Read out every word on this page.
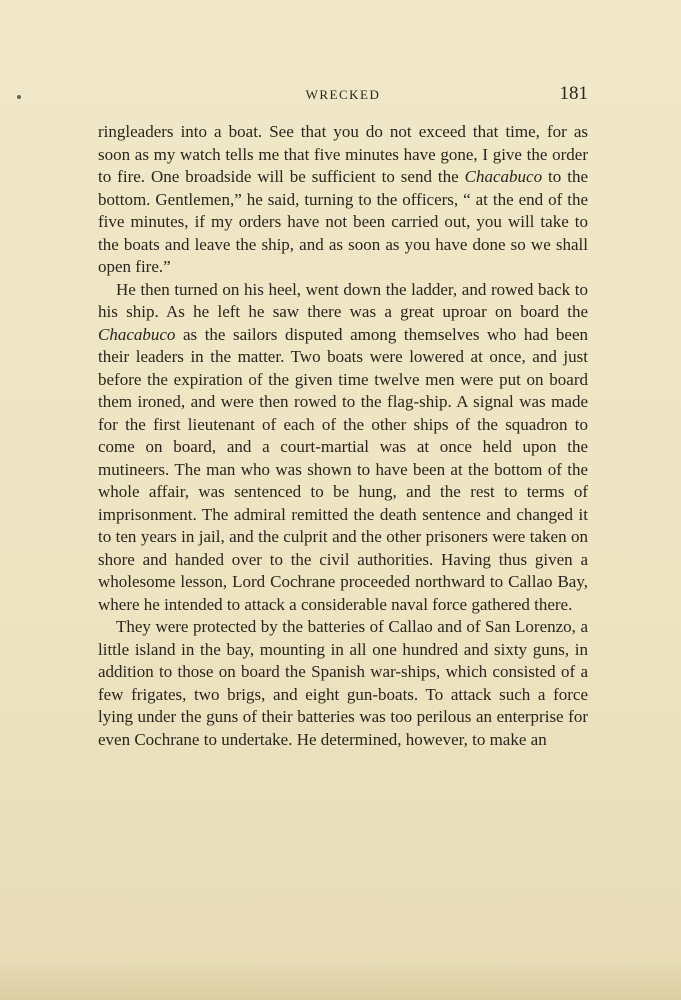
WRECKED	181

ringleaders into a boat. See that you do not exceed that time, for as soon as my watch tells me that five minutes have gone, I give the order to fire. One broadside will be sufficient to send the Chacabuco to the bottom. Gentlemen,” he said, turning to the officers, “ at the end of the five minutes, if my orders have not been carried out, you will take to the boats and leave the ship, and as soon as you have done so we shall open fire.”

He then turned on his heel, went down the ladder, and rowed back to his ship. As he left he saw there was a great uproar on board the Chacabuco as the sailors disputed among themselves who had been their leaders in the matter. Two boats were lowered at once, and just before the expiration of the given time twelve men were put on board them ironed, and were then rowed to the flag-ship. A signal was made for the first lieutenant of each of the other ships of the squadron to come on board, and a court-martial was at once held upon the mutineers. The man who was shown to have been at the bottom of the whole affair, was sentenced to be hung, and the rest to terms of imprisonment. The admiral remitted the death sentence and changed it to ten years in jail, and the culprit and the other prisoners were taken on shore and handed over to the civil authorities. Having thus given a wholesome lesson, Lord Cochrane proceeded northward to Callao Bay, where he intended to attack a considerable naval force gathered there.

They were protected by the batteries of Callao and of San Lorenzo, a little island in the bay, mounting in all one hundred and sixty guns, in addition to those on board the Spanish war-ships, which consisted of a few frigates, two brigs, and eight gun-boats. To attack such a force lying under the guns of their batteries was too perilous an enterprise for even Cochrane to undertake. He determined, however, to make an
